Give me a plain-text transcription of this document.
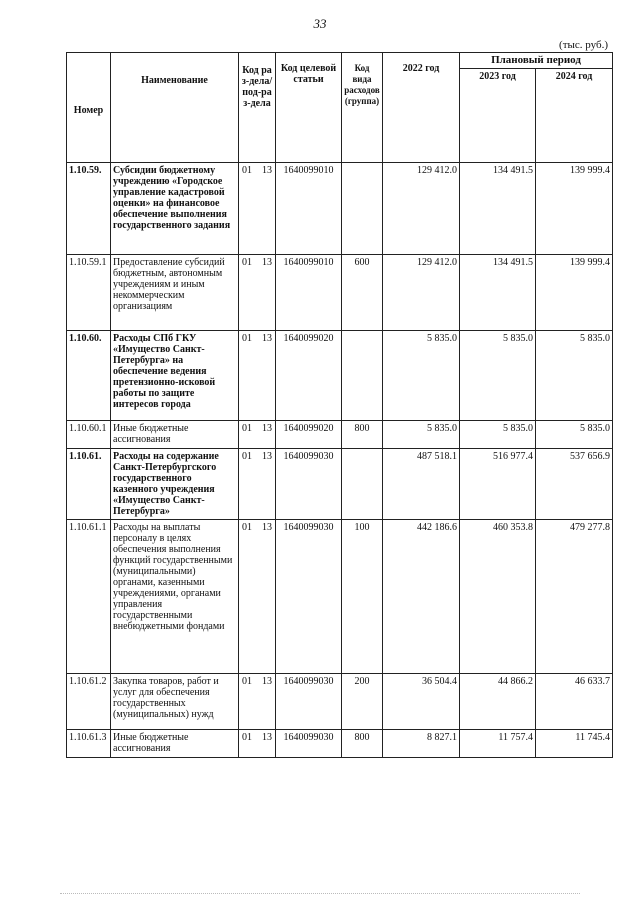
33
(тыс. руб.)
Номер	Наименование	Код раз-дела/ под-раз-дела	Код целевой статьи	Код вида расходов (группа)	2022 год	Плановый период	
						2023 год	2024 год
1.10.59.	Субсидии бюджетному учреждению «Городское управление кадастровой оценки» на финансовое обеспечение выполнения государственного задания	01 13	1640099010		129 412.0	134 491.5	139 999.4
1.10.59.1	Предоставление субсидий бюджетным, автономным учреждениям и иным некоммерческим организациям	01 13	1640099010	600	129 412.0	134 491.5	139 999.4
1.10.60.	Расходы СПб ГКУ «Имущество Санкт-Петербурга» на обеспечение ведения претензионно-исковой работы по защите интересов города	01 13	1640099020		5 835.0	5 835.0	5 835.0
1.10.60.1	Иные бюджетные ассигнования	01 13	1640099020	800	5 835.0	5 835.0	5 835.0
1.10.61.	Расходы на содержание Санкт-Петербургского государственного казенного учреждения «Имущество Санкт-Петербурга»	01 13	1640099030		487 518.1	516 977.4	537 656.9
1.10.61.1	Расходы на выплаты персоналу в целях обеспечения выполнения функций государственными (муниципальными) органами, казенными учреждениями, органами управления государственными внебюджетными фондами	01 13	1640099030	100	442 186.6	460 353.8	479 277.8
1.10.61.2	Закупка товаров, работ и услуг для обеспечения государственных (муниципальных) нужд	01 13	1640099030	200	36 504.4	44 866.2	46 633.7
1.10.61.3	Иные бюджетные ассигнования	01 13	1640099030	800	8 827.1	11 757.4	11 745.4
